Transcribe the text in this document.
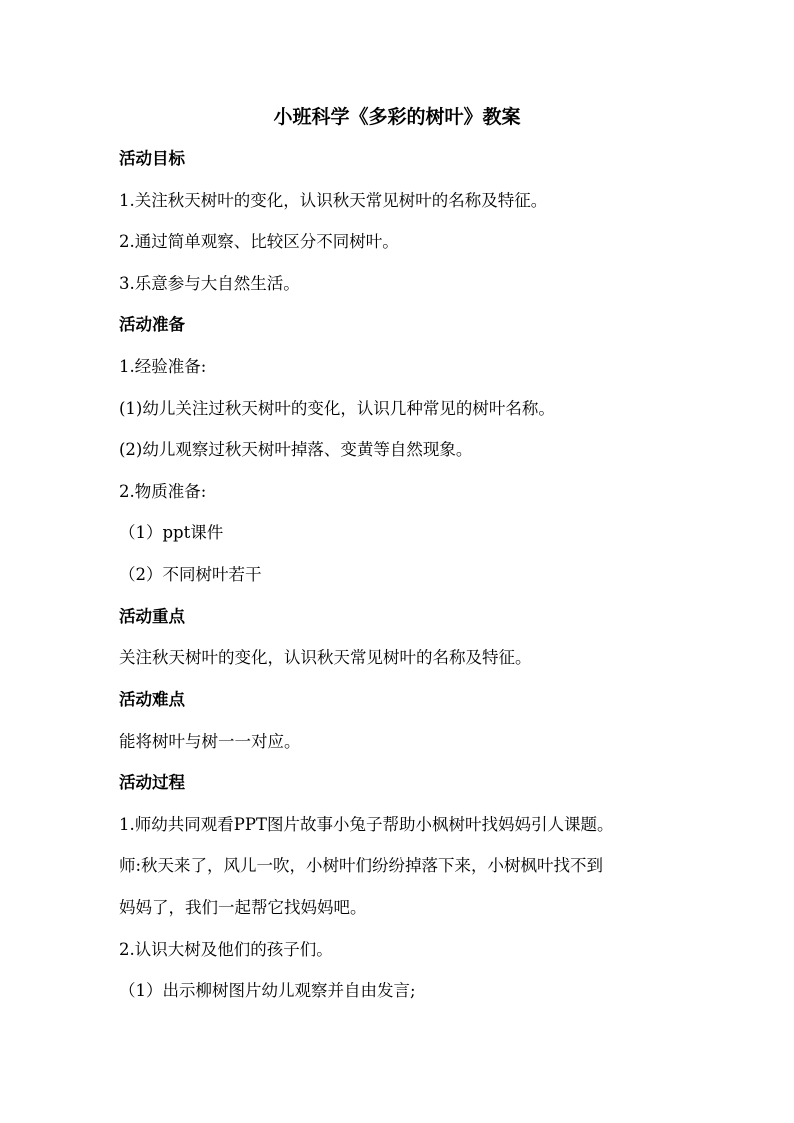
小班科学《多彩的树叶》教案
活动目标
1.关注秋天树叶的变化，认识秋天常见树叶的名称及特征。
2.通过简单观察、比较区分不同树叶。
3.乐意参与大自然生活。
活动准备
1.经验准备:
(1)幼儿关注过秋天树叶的变化，认识几种常见的树叶名称。
(2)幼儿观察过秋天树叶掉落、变黄等自然现象。
2.物质准备:
（1）ppt课件
（2）不同树叶若干
活动重点
关注秋天树叶的变化，认识秋天常见树叶的名称及特征。
活动难点
能将树叶与树一一对应。
活动过程
1.师幼共同观看PPT图片故事小兔子帮助小枫树叶找妈妈引人课题。
师:秋天来了，风儿一吹，小树叶们纷纷掉落下来，小树枫叶找不到
妈妈了，我们一起帮它找妈妈吧。
2.认识大树及他们的孩子们。
（1）出示柳树图片幼儿观察并自由发言;
